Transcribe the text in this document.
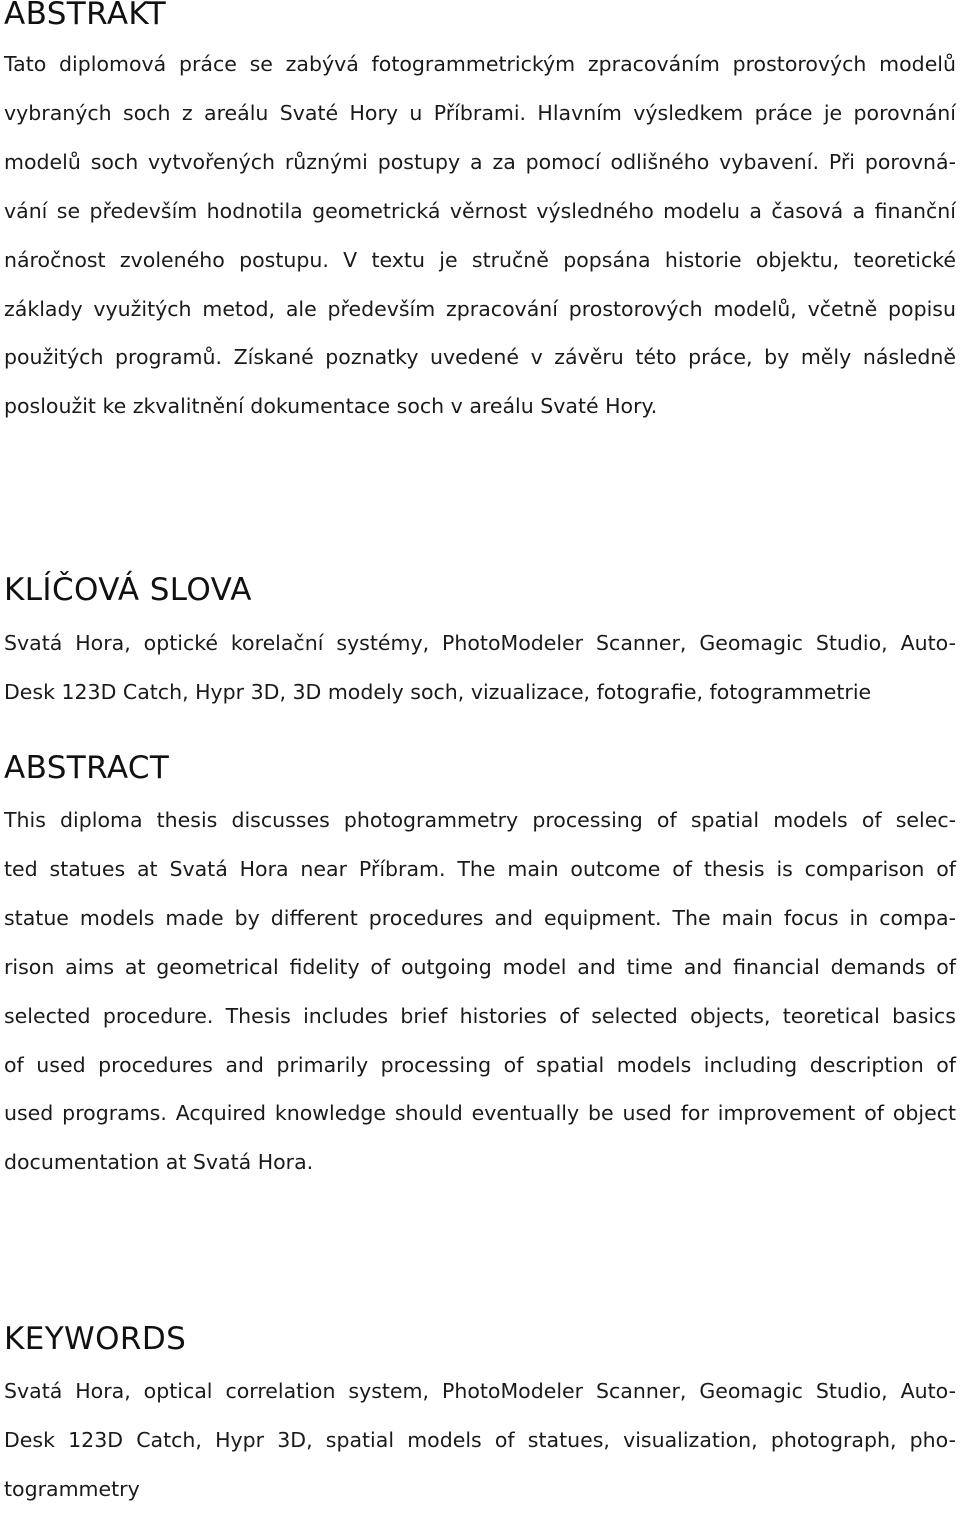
ABSTRAKT
Tato diplomová práce se zabývá fotogrammetrickým zpracováním prostorových modelů
vybraných soch z areálu Svaté Hory u Příbrami. Hlavním výsledkem práce je porovnání
modelů soch vytvořených různými postupy a za pomocí odlišného vybavení. Při porovná-
vání se především hodnotila geometrická věrnost výsledného modelu a časová a finanční
náročnost zvoleného postupu. V textu je stručně popsána historie objektu, teoretické
základy využitých metod, ale především zpracování prostorových modelů, včetně popisu
použitých programů. Získané poznatky uvedené v závěru této práce, by měly následně
posloužit ke zkvalitnění dokumentace soch v areálu Svaté Hory.
KLÍČOVÁ SLOVA
Svatá Hora, optické korelační systémy, PhotoModeler Scanner, Geomagic Studio, Auto-
Desk 123D Catch, Hypr 3D, 3D modely soch, vizualizace, fotografie, fotogrammetrie
ABSTRACT
This diploma thesis discusses photogrammetry processing of spatial models of selec-
ted statues at Svatá Hora near Příbram. The main outcome of thesis is comparison of
statue models made by different procedures and equipment. The main focus in compa-
rison aims at geometrical fidelity of outgoing model and time and financial demands of
selected procedure. Thesis includes brief histories of selected objects, teoretical basics
of used procedures and primarily processing of spatial models including description of
used programs. Acquired knowledge should eventually be used for improvement of object
documentation at Svatá Hora.
KEYWORDS
Svatá Hora, optical correlation system, PhotoModeler Scanner, Geomagic Studio, Auto-
Desk 123D Catch, Hypr 3D, spatial models of statues, visualization, photograph, pho-
togrammetry
